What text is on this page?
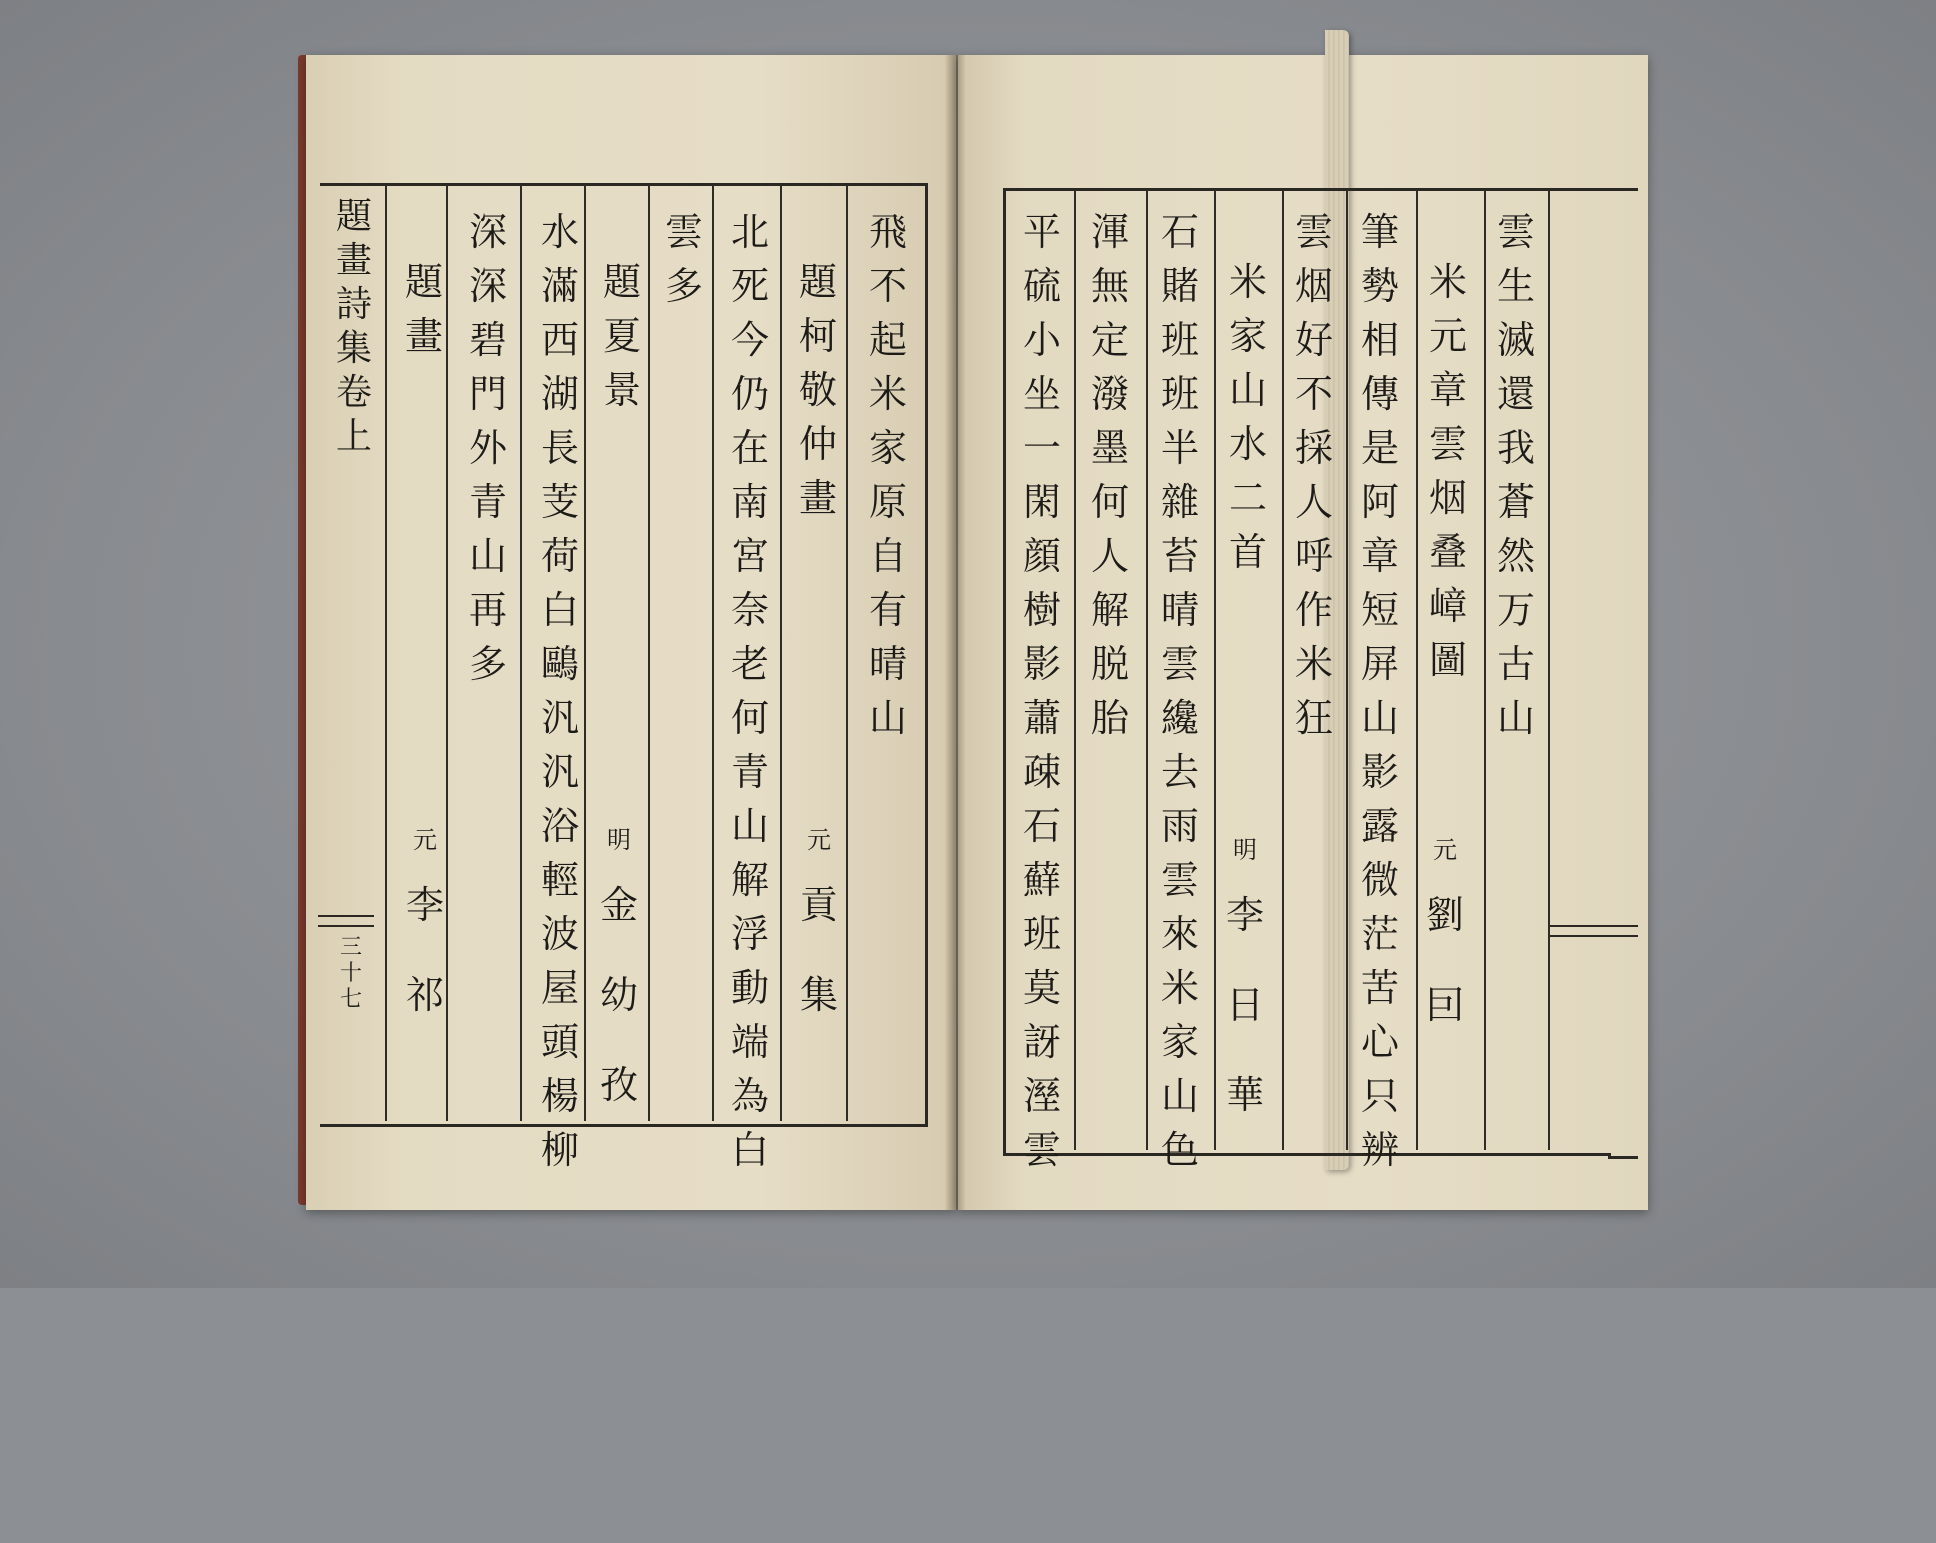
題
畫
詩
集
卷
上
三
十
七
飛
不
起
米
家
原
自
有
晴
山
題
柯
敬
仲
畫
北
死
今
仍
在
南
宮
奈
老
何
青
山
解
浮
動
端
為
白
雲
多
題
夏
景
水
滿
西
湖
長
芰
荷
白
鷗
汎
汎
浴
輕
波
屋
頭
楊
柳
深
深
碧
門
外
青
山
再
多
題
畫
元
貢
集
明
金
幼
孜
元
李
祁
雲
生
滅
還
我
蒼
然
万
古
山
米
元
章
雲
烟
叠
嶂
圖
筆
勢
相
傳
是
阿
章
短
屏
山
影
露
微
茫
苦
心
只
辨
雲
烟
好
不
採
人
呼
作
米
狂
米
家
山
水
二
首
石
賭
班
班
半
雜
苔
晴
雲
纔
去
雨
雲
來
米
家
山
色
渾
無
定
潑
墨
何
人
解
脱
胎
平
硫
小
坐
一
閑
顔
樹
影
蕭
疎
石
蘚
班
莫
訝
溼
雲
元
劉
囙
明
李
日
華
